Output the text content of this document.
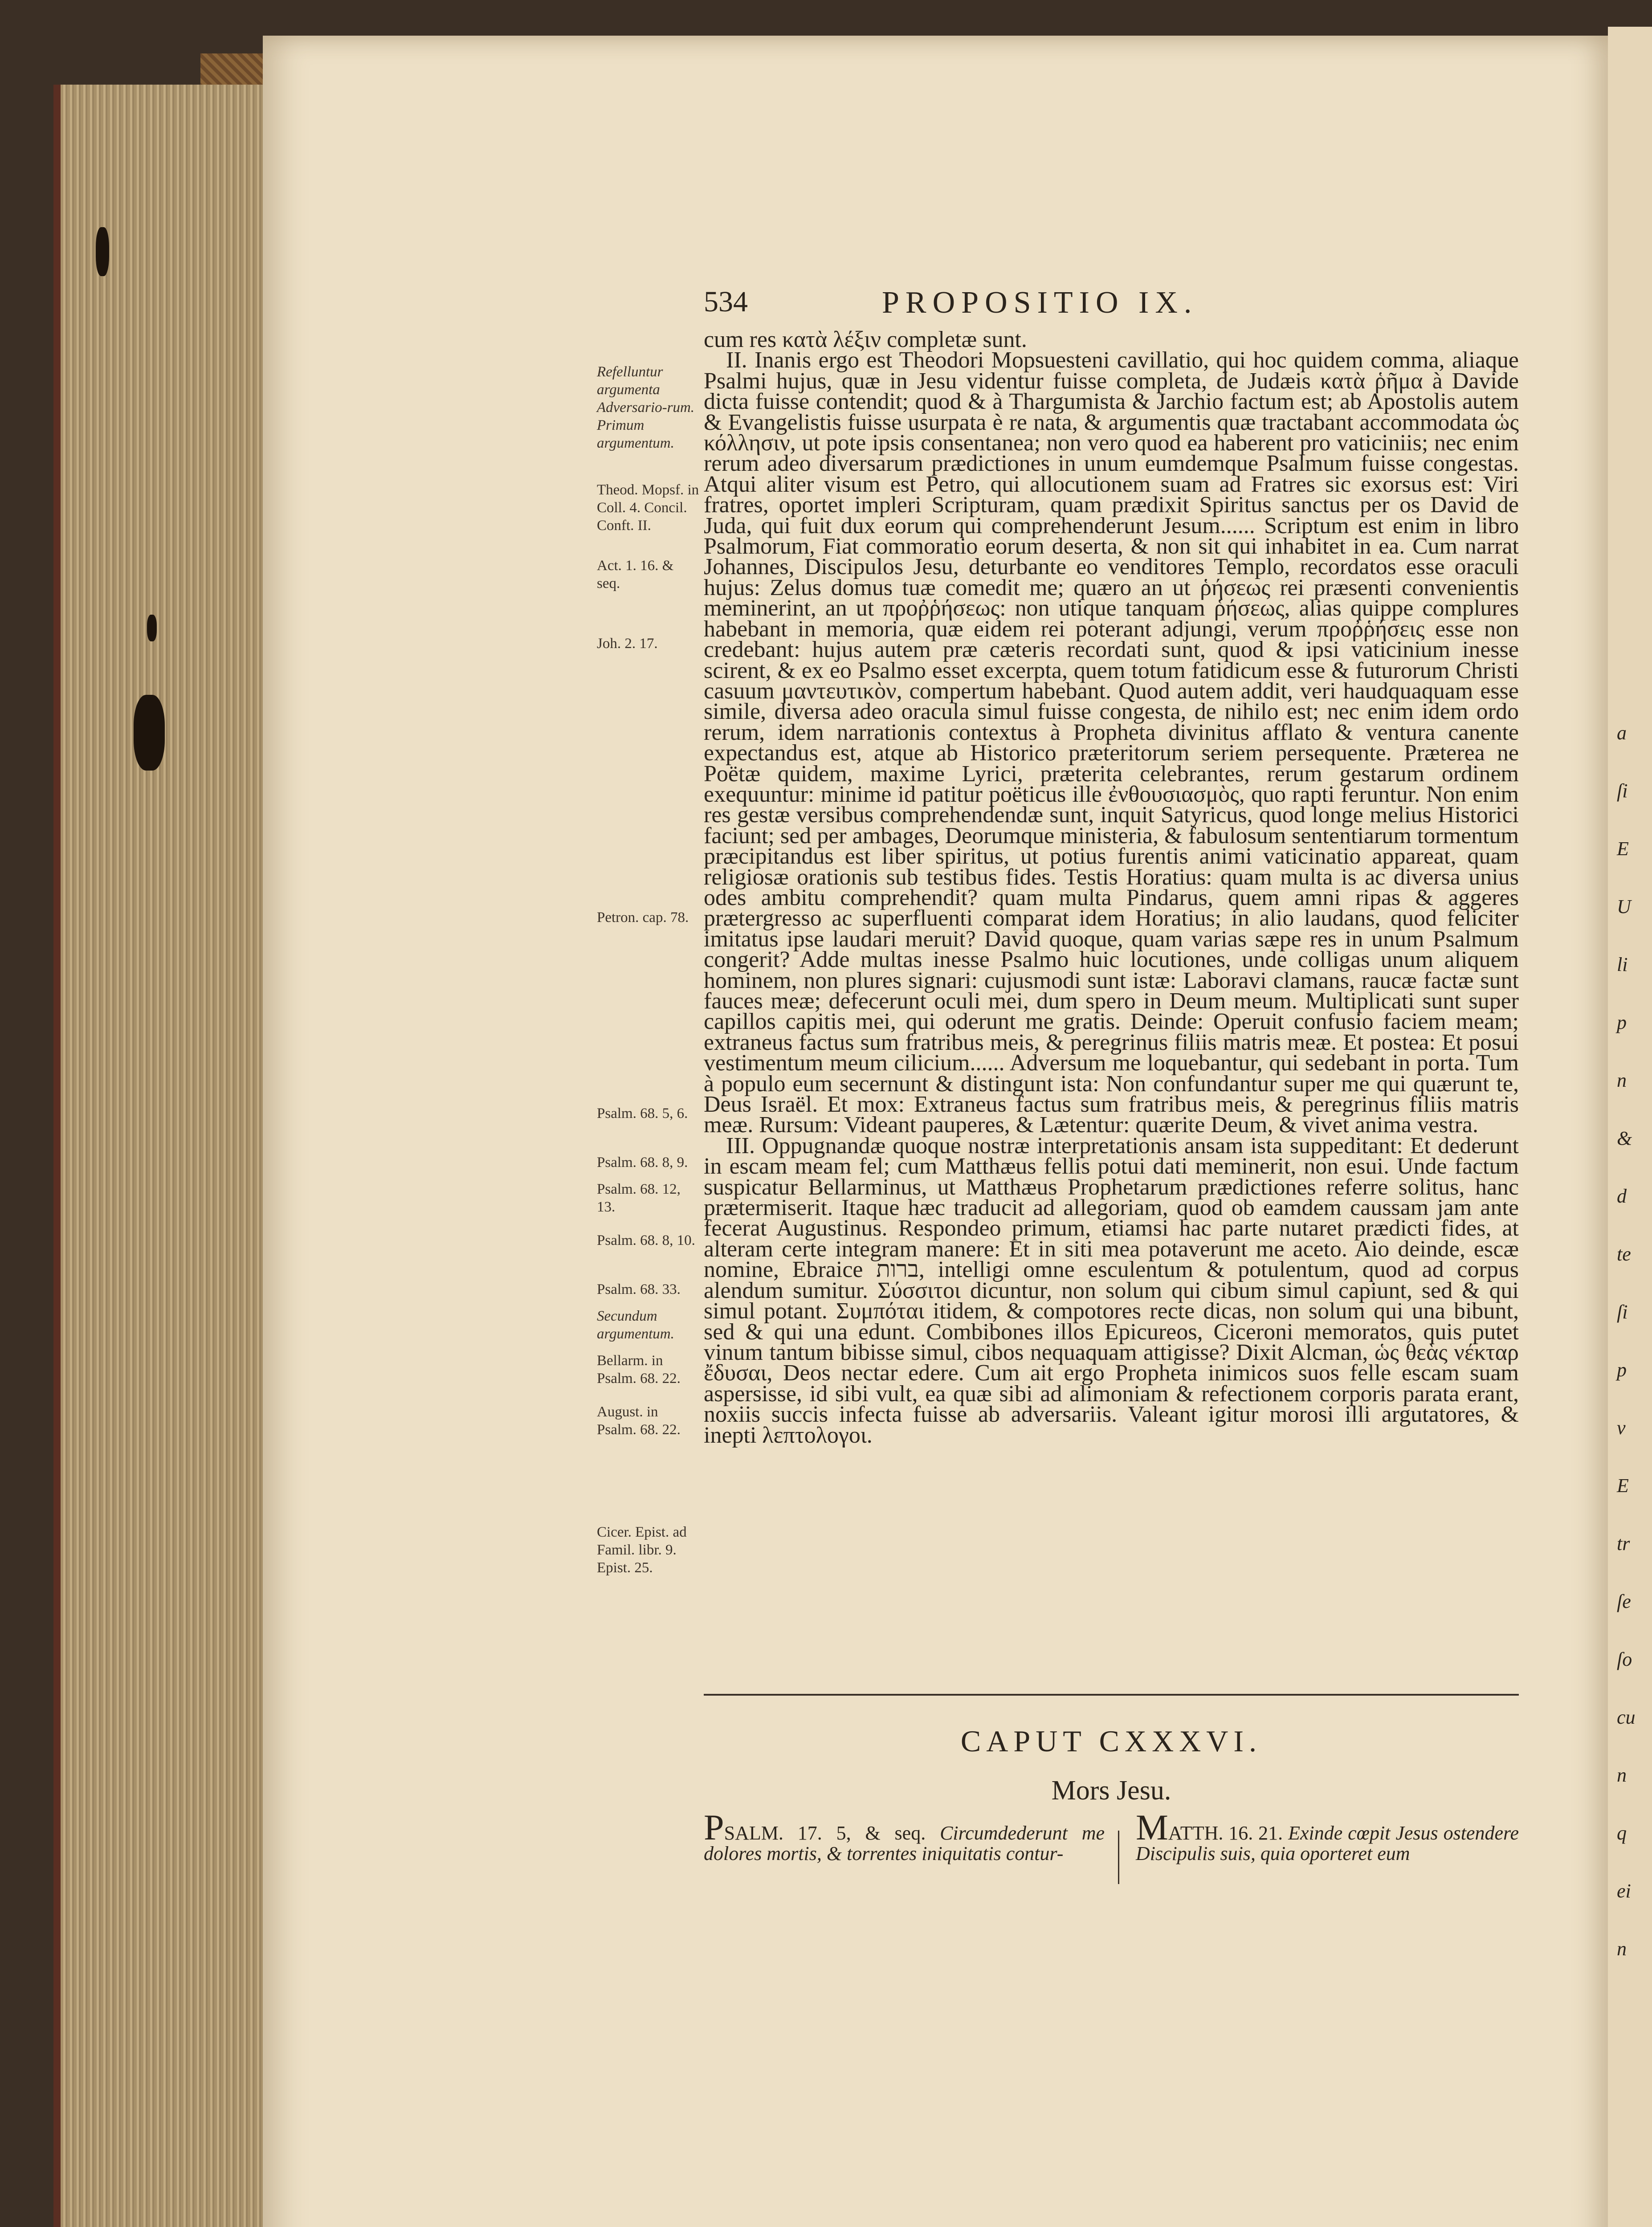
a
ſi
E
U
li
p
n
&
d
te
ſi
p
v
E
tr
ſe
ſo
cu
n
q
ei
n
534	PROPOSITIO IX.
Refelluntur argumenta Adversario-rum. Primum argumentum.
Theod. Mopsf. in Coll. 4. Concil. Conft. II.
Act. 1. 16. & seq.
Joh. 2. 17.
Petron. cap. 78.
Psalm. 68. 5, 6.
Psalm. 68. 8, 9.
Psalm. 68. 12, 13.
Psalm. 68. 8, 10.
Psalm. 68. 33.
Secundum argumentum.
Bellarm. in Psalm. 68. 22.
August. in Psalm. 68. 22.
Cicer. Epist. ad Famil. libr. 9. Epist. 25.

cum res κατὰ λέξιν completæ sunt.

II. Inanis ergo est Theodori Mopsuesteni cavillatio, qui hoc quidem comma, aliaque Psalmi hujus, quæ in Jesu videntur fuisse completa, de Judæis κατὰ ῥῆμα à Davide dicta fuisse contendit; quod & à Thargumista & Jarchio factum est; ab Apostolis autem & Evangelistis fuisse usurpata è re nata, & argumentis quæ tractabant accommodata ὡς κόλλησιν, ut pote ipsis consentanea; non vero quod ea haberent pro vaticiniis; nec enim rerum adeo diversarum prædictiones in unum eumdemque Psalmum fuisse congestas. Atqui aliter visum est Petro, qui allocutionem suam ad Fratres sic exorsus est: Viri fratres, oportet impleri Scripturam, quam prædixit Spiritus sanctus per os David de Juda, qui fuit dux eorum qui comprehenderunt Jesum...... Scriptum est enim in libro Psalmorum, Fiat commoratio eorum deserta, & non sit qui inhabitet in ea. Cum narrat Johannes, Discipulos Jesu, deturbante eo venditores Templo, recordatos esse oraculi hujus: Zelus domus tuæ comedit me; quæro an ut ῥήσεως rei præsenti convenientis meminerint, an ut προῤῥήσεως: non utique tanquam ῥήσεως, alias quippe complures habebant in memoria, quæ eidem rei poterant adjungi, verum προῤῥήσεις esse non credebant: hujus autem præ cæteris recordati sunt, quod & ipsi vaticinium inesse scirent, & ex eo Psalmo esset excerpta, quem totum fatidicum esse & futurorum Christi casuum μαντευτικὸν, compertum habebant. Quod autem addit, veri haudquaquam esse simile, diversa adeo oracula simul fuisse congesta, de nihilo est; nec enim idem ordo rerum, idem narrationis contextus à Propheta divinitus afflato & ventura canente expectandus est, atque ab Historico præteritorum seriem persequente. Præterea ne Poëtæ quidem, maxime Lyrici, præterita celebrantes, rerum gestarum ordinem exequuntur: minime id patitur poëticus ille ἐνθουσιασμὸς, quo rapti feruntur. Non enim res gestæ versibus comprehendendæ sunt, inquit Satyricus, quod longe melius Historici faciunt; sed per ambages, Deorumque ministeria, & fabulosum sententiarum tormentum præcipitandus est liber spiritus, ut potius furentis animi vaticinatio appareat, quam religiosæ orationis sub testibus fides. Testis Horatius: quam multa is ac diversa unius odes ambitu comprehendit? quam multa Pindarus, quem amni ripas & aggeres prætergresso ac superfluenti comparat idem Horatius; in alio laudans, quod feliciter imitatus ipse laudari meruit? David quoque, quam varias sæpe res in unum Psalmum congerit? Adde multas inesse Psalmo huic locutiones, unde colligas unum aliquem hominem, non plures signari: cujusmodi sunt istæ: Laboravi clamans, raucæ factæ sunt fauces meæ; defecerunt oculi mei, dum spero in Deum meum. Multiplicati sunt super capillos capitis mei, qui oderunt me gratis. Deinde: Operuit confusio faciem meam; extraneus factus sum fratribus meis, & peregrinus filiis matris meæ. Et postea: Et posui vestimentum meum cilicium...... Adversum me loquebantur, qui sedebant in porta. Tum à populo eum secernunt & distingunt ista: Non confundantur super me qui quærunt te, Deus Israël. Et mox: Extraneus factus sum fratribus meis, & peregrinus filiis matris meæ. Rursum: Videant pauperes, & Lætentur: quærite Deum, & vivet anima vestra.

III. Oppugnandæ quoque nostræ interpretationis ansam ista suppeditant: Et dederunt in escam meam fel; cum Matthæus fellis potui dati meminerit, non esui. Unde factum suspicatur Bellarminus, ut Matthæus Prophetarum prædictiones referre solitus, hanc prætermiserit. Itaque hæc traducit ad allegoriam, quod ob eamdem caussam jam ante fecerat Augustinus. Respondeo primum, etiamsi hac parte nutaret prædicti fides, at alteram certe integram manere: Et in siti mea potaverunt me aceto. Aio deinde, escæ nomine, Ebraice ברות, intelligi omne esculentum & potulentum, quod ad corpus alendum sumitur. Σύσσιτοι dicuntur, non solum qui cibum simul capiunt, sed & qui simul potant. Συμπόται itidem, & compotores recte dicas, non solum qui una bibunt, sed & qui una edunt. Combibones illos Epicureos, Ciceroni memoratos, quis putet vinum tantum bibisse simul, cibos nequaquam attigisse? Dixit Alcman, ὡς θεὰς νέκταρ ἔδυσαι, Deos nectar edere. Cum ait ergo Propheta inimicos suos felle escam suam aspersisse, id sibi vult, ea quæ sibi ad alimoniam & refectionem corporis parata erant, noxiis succis infecta fuisse ab adversariis. Valeant igitur morosi illi argutatores, & inepti λεπτολογοι.

CAPUT CXXXVI.
Mors Jesu.
PSALM. 17. 5, & seq. Circumdederunt me dolores mortis, & torrentes iniquitatis contur-
MATTH. 16. 21. Exinde cœpit Jesus ostendere Discipulis suis, quia oporteret eum
